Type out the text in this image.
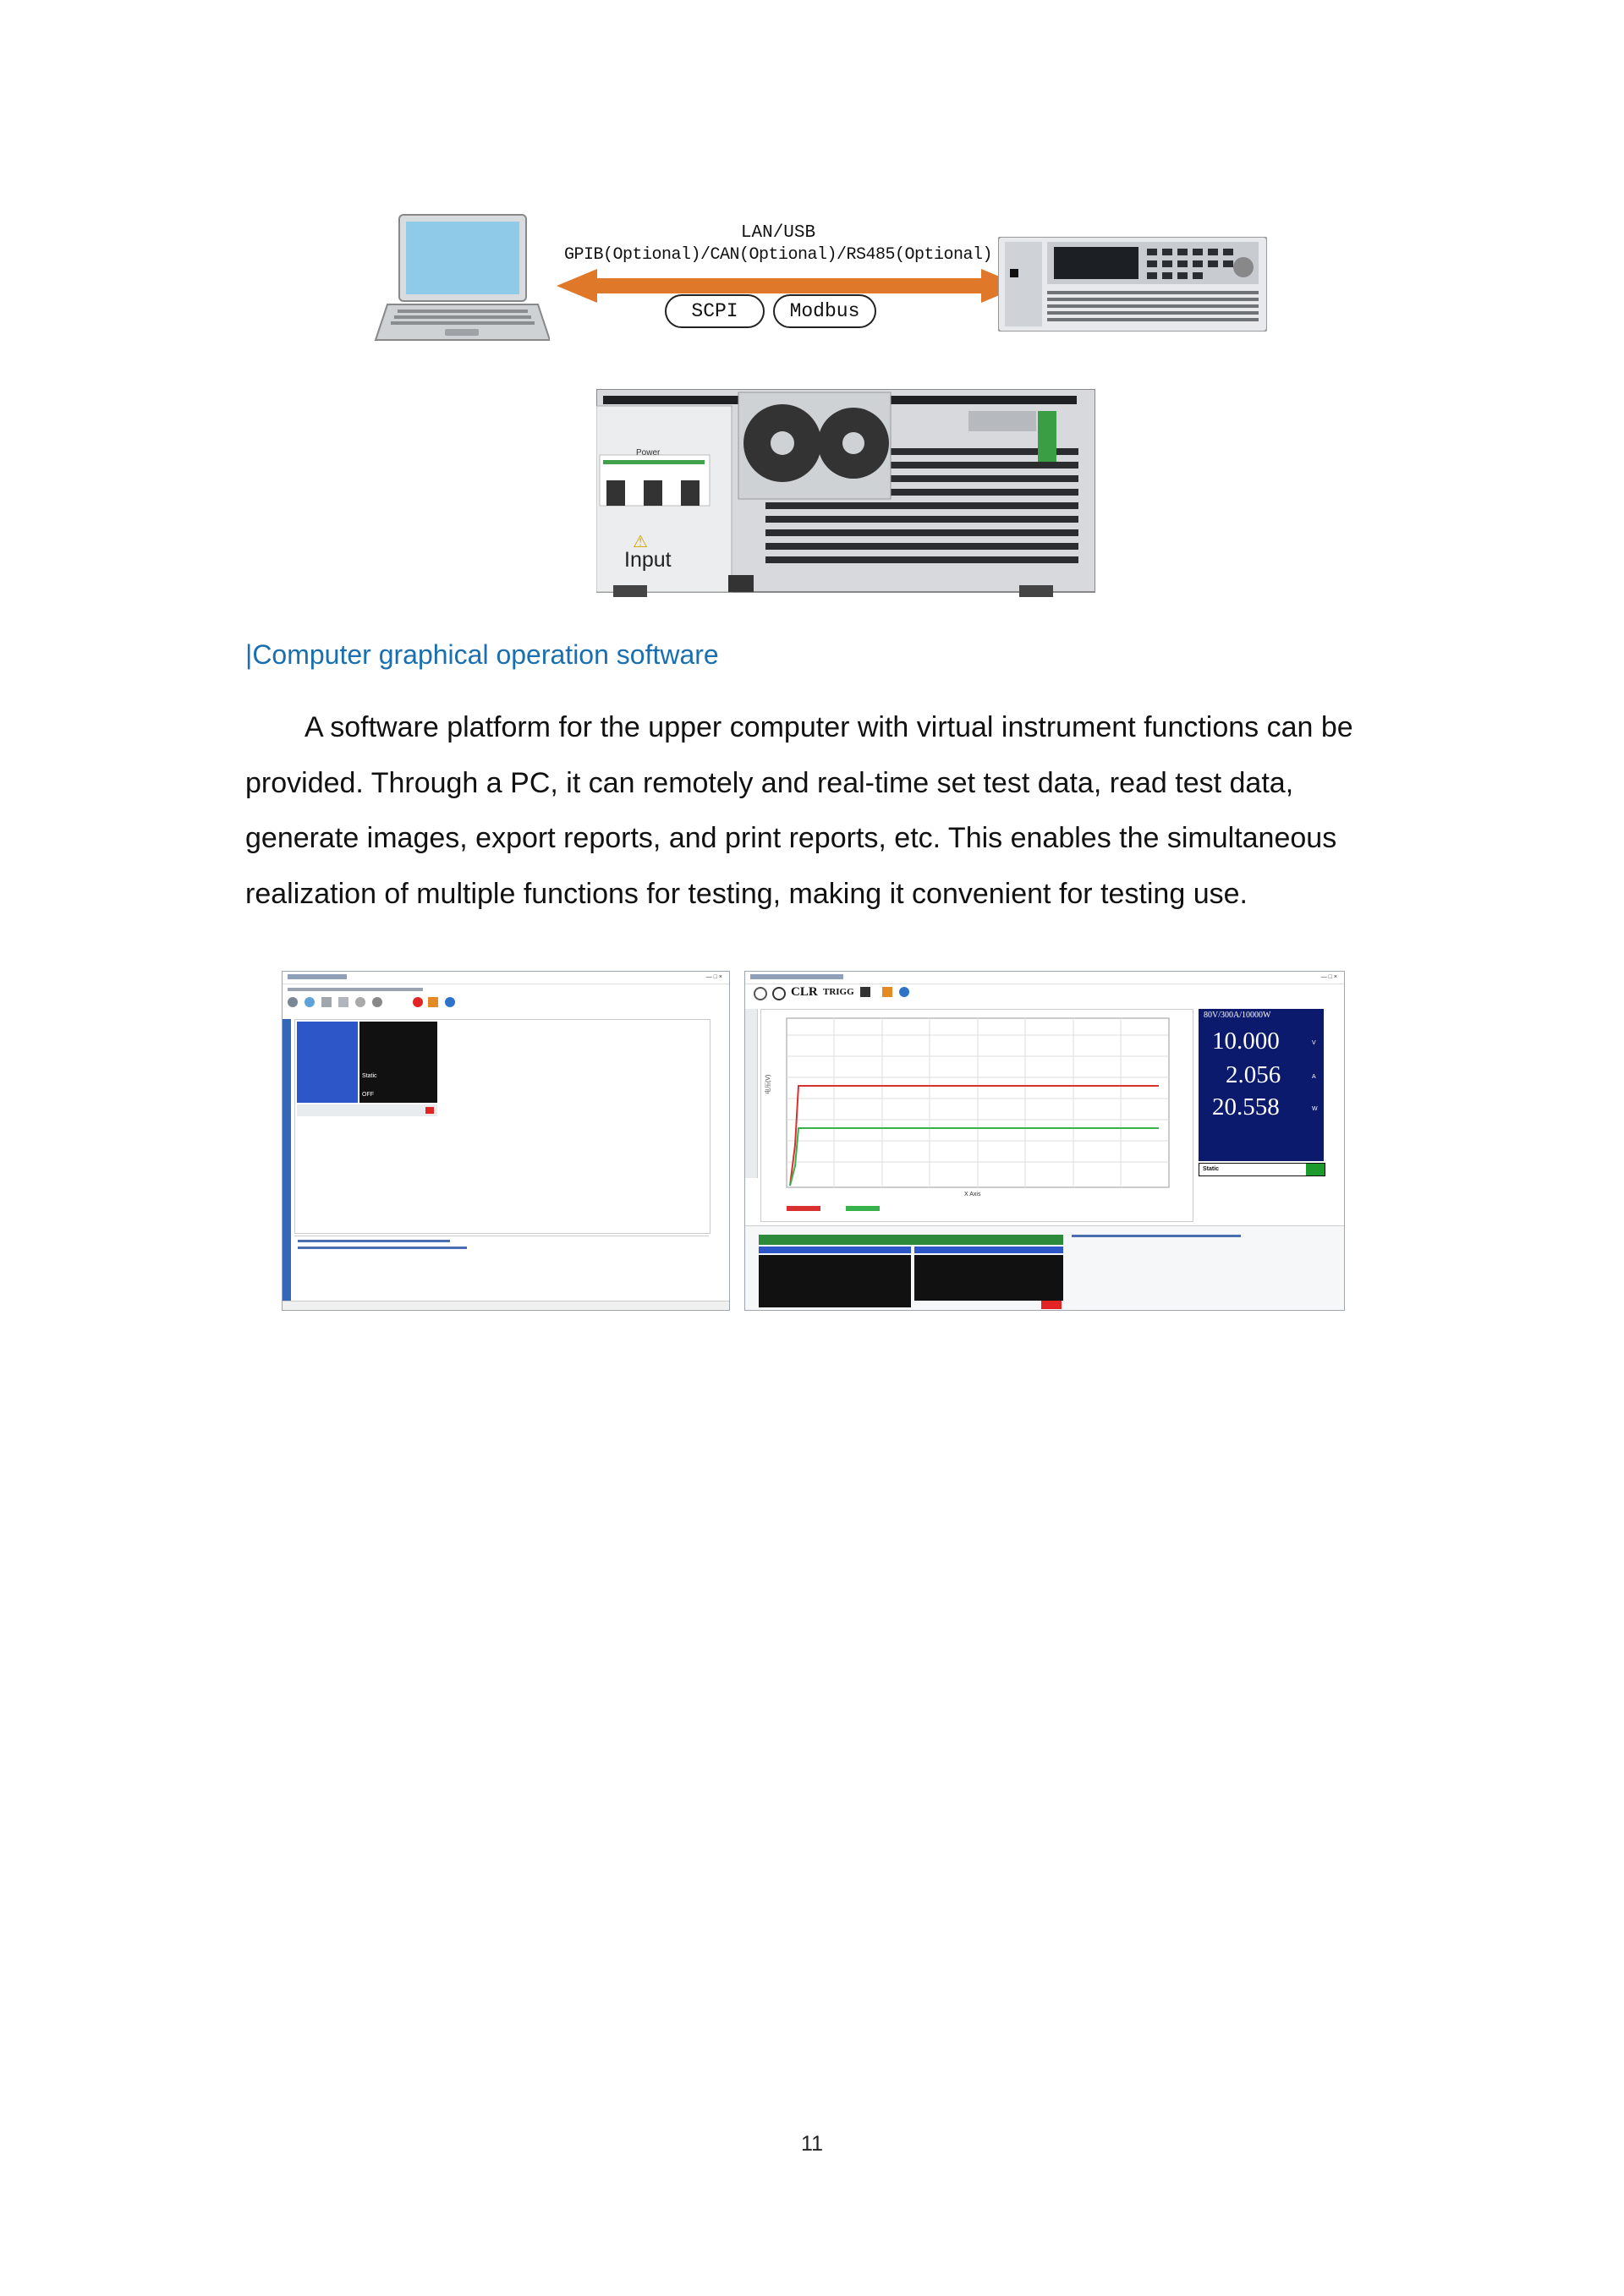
LAN/USB
GPIB(Optional)/CAN(Optional)/RS485(Optional)
SCPI	Modbus
Power
⚠
Input
|Computer graphical operation software
A software platform for the upper computer with virtual instrument functions can be provided. Through a PC, it can remotely and real-time set test data, read test data, generate images, export reports, and print reports, etc. This enables the simultaneous realization of multiple functions for testing, making it convenient for testing use.
— □ ×
Static
OFF
— □ ×
CLR TRIGG
电压(V)
X Axis
80V/300A/10000W
10.000	V
2.056	A
20.558	W
Static
11
